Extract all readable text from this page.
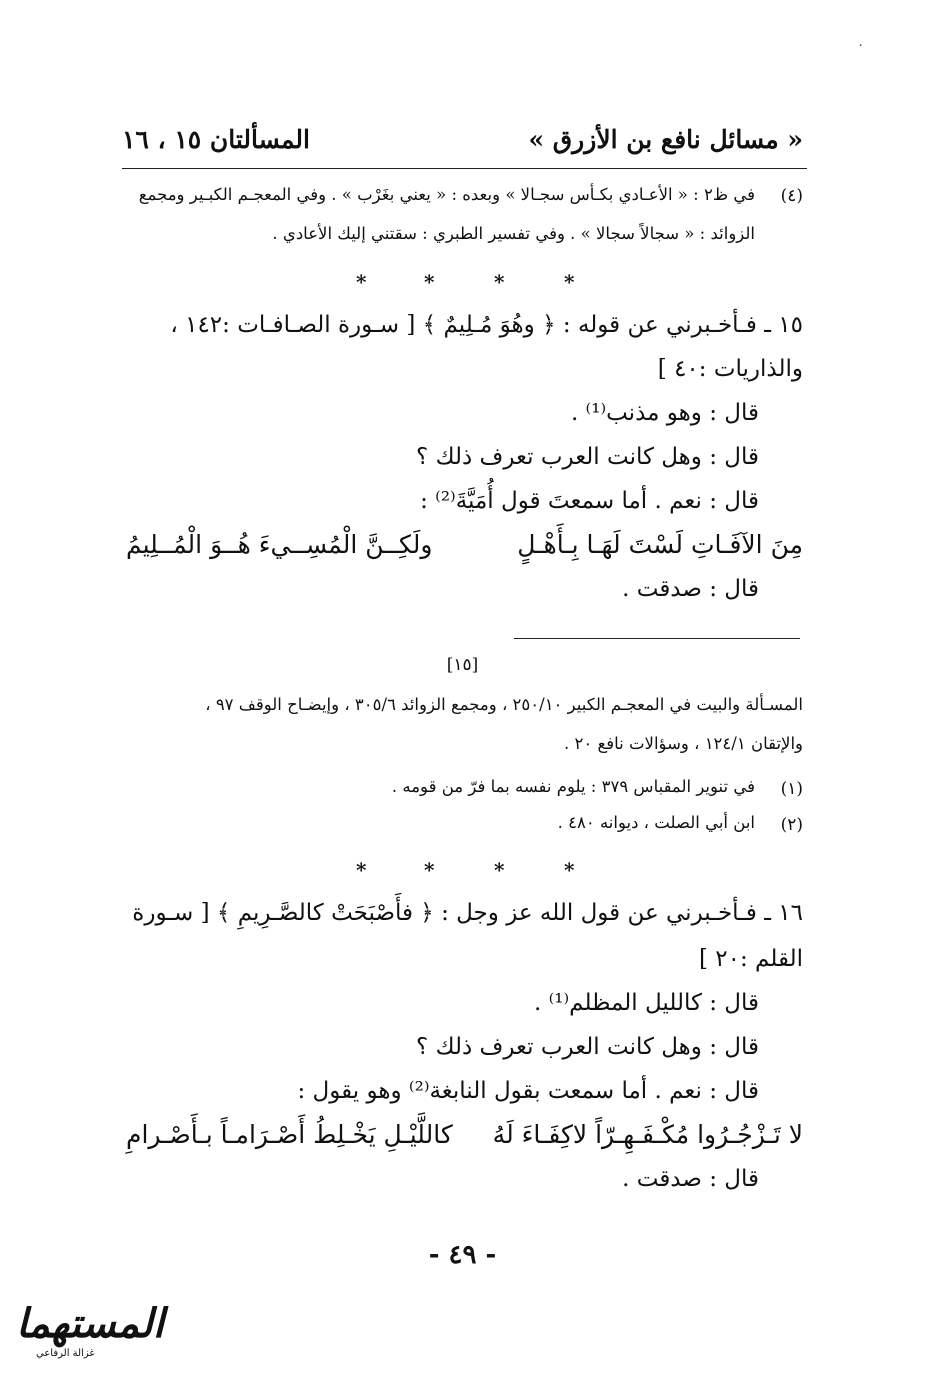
·
« مسائل نافع بن الأزرق »
المسألتان ١٥ ، ١٦
(٤)
في ظ٢ : « الأعـادي بكـأس سجـالا » وبعده : « يعني بغَرْب » . وفي المعجـم الكبـير ومجمع
الزوائد : « سجالاً سجالا » . وفي تفسير الطبري : سقتني إليك الأعادي .
*	*	*	*
١٥ ـ فـأخـبرني عن قوله : ﴿ وهُوَ مُـلِيمٌ ﴾ [ سـورة الصـافـات :١٤٢ ،
والذاريات :٤٠ ]
قال : وهو مذنب⁽¹⁾ .
قال : وهل كانت العرب تعرف ذلك ؟
قال : نعم . أما سمعتَ قول أُمَيَّةَ⁽²⁾ :
مِنَ الآفَـاتِ لَسْتَ لَهَـا بِـأَهْـلٍ
ولَكِــنَّ الْمُسِــيءَ هُــوَ الْمُــلِيمُ
قال : صدقت .
[١٥]
المسـألة والبيت في المعجـم الكبير ٢٥٠/١٠ ، ومجمع الزوائد ٣٠٥/٦ ، وإيضـاح الوقف ٩٧ ،
والإتقان ١٢٤/١ ، وسؤالات نافع ٢٠ .
(١)
في تنوير المقباس ٣٧٩ : يلوم نفسه بما فرّ من قومه .
(٢)
ابن أبي الصلت ، ديوانه ٤٨٠ .
*	*	*	*
١٦ ـ فـأخـبرني عن قول الله عز وجل : ﴿ فأَصْبَحَتْ كالصَّـرِيمِ ﴾ [ سـورة
القلم :٢٠ ]
قال : كالليل المظلم⁽¹⁾ .
قال : وهل كانت العرب تعرف ذلك ؟
قال : نعم . أما سمعت بقول النابغة⁽²⁾ وهو يقول :
لا تَـزْجُـرُوا مُكْـفَـهِـرّاً لاكِفَـاءَ لَهُ
كاللَّيْـلِ يَخْـلِطُ أَصْـرَامـاً بـأَصْـرامِ
قال : صدقت .
- ٤٩ -
المستهما
غزالة الرفاعي
